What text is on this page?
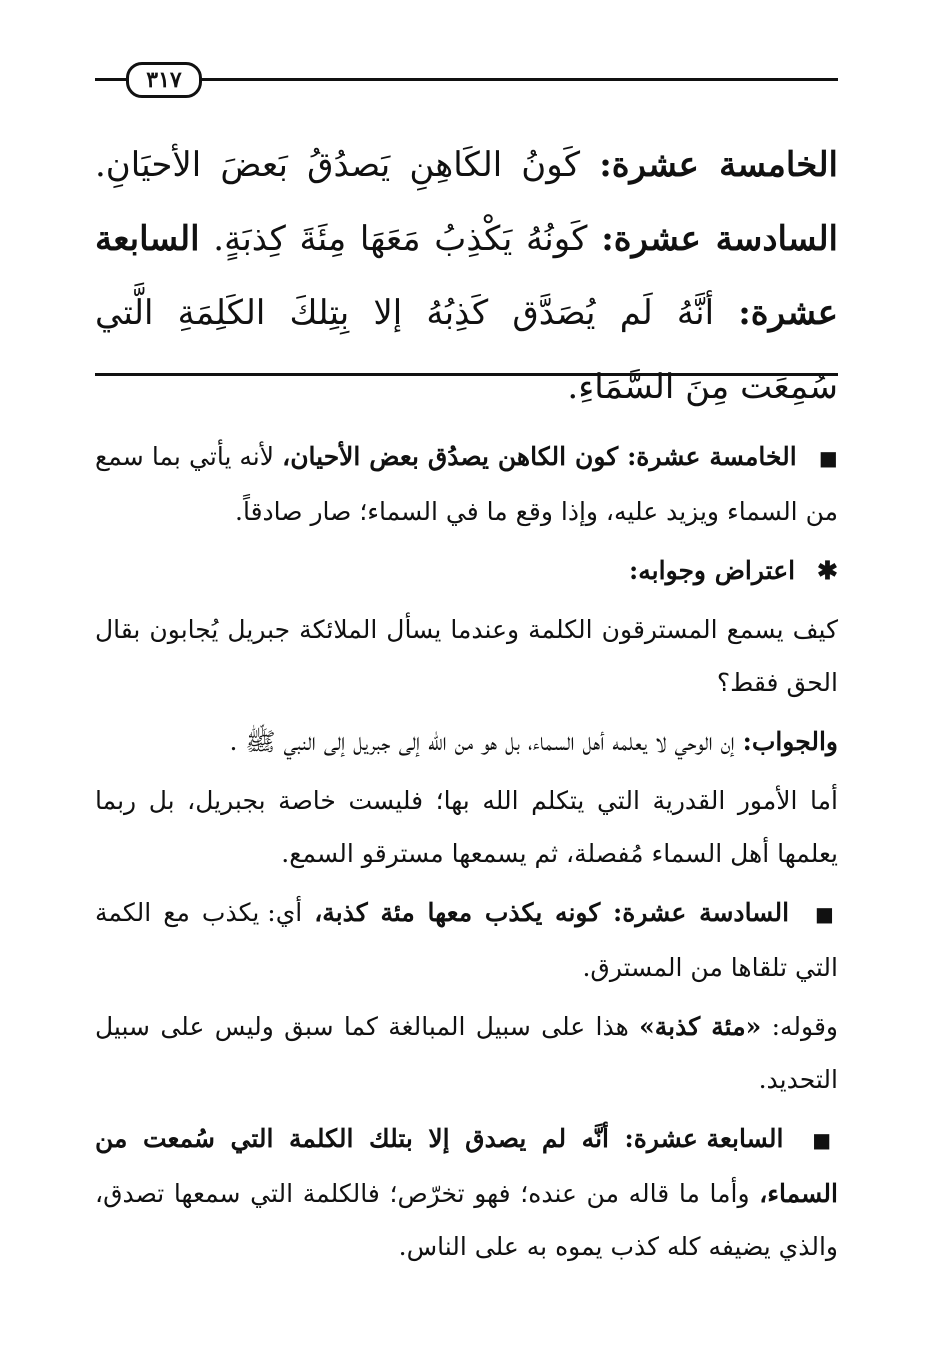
٣١٧
الخامسة عشرة: كَونُ الكَاهِنِ يَصدُقُ بَعضَ الأحيَانِ. السادسة عشرة: كَونُهُ يَكْذِبُ مَعَهَا مِئَةَ كِذبَةٍ. السابعة عشرة: أنَّهُ لَم يُصَدَّق كَذِبُهُ إلا بِتِلكَ الكَلِمَةِ الَّتي سُمِعَت مِنَ السَّمَاءِ.

■ الخامسة عشرة: كون الكاهن يصدُق بعض الأحيان، لأنه يأتي بما سمع من السماء ويزيد عليه، وإذا وقع ما في السماء؛ صار صادقاً.

✱ اعتراض وجوابه:

كيف يسمع المسترقون الكلمة وعندما يسأل الملائكة جبريل يُجابون بقال الحق فقط؟

والجواب: إن الوحي لا يعلمه أهل السماء، بل هو من الله إلى جبريل إلى النبي ﷺ .

أما الأمور القدرية التي يتكلم الله بها؛ فليست خاصة بجبريل، بل ربما يعلمها أهل السماء مُفصلة، ثم يسمعها مسترقو السمع.

■ السادسة عشرة: كونه يكذب معها مئة كذبة، أي: يكذب مع الكمة التي تلقاها من المسترق.

وقوله: «مئة كذبة» هذا على سبيل المبالغة كما سبق وليس على سبيل التحديد.

■ السابعة عشرة: أنَّه لم يصدق إلا بتلك الكلمة التي سُمعت من السماء، وأما ما قاله من عنده؛ فهو تخرّص؛ فالكلمة التي سمعها تصدق، والذي يضيفه كله كذب يموه به على الناس.
